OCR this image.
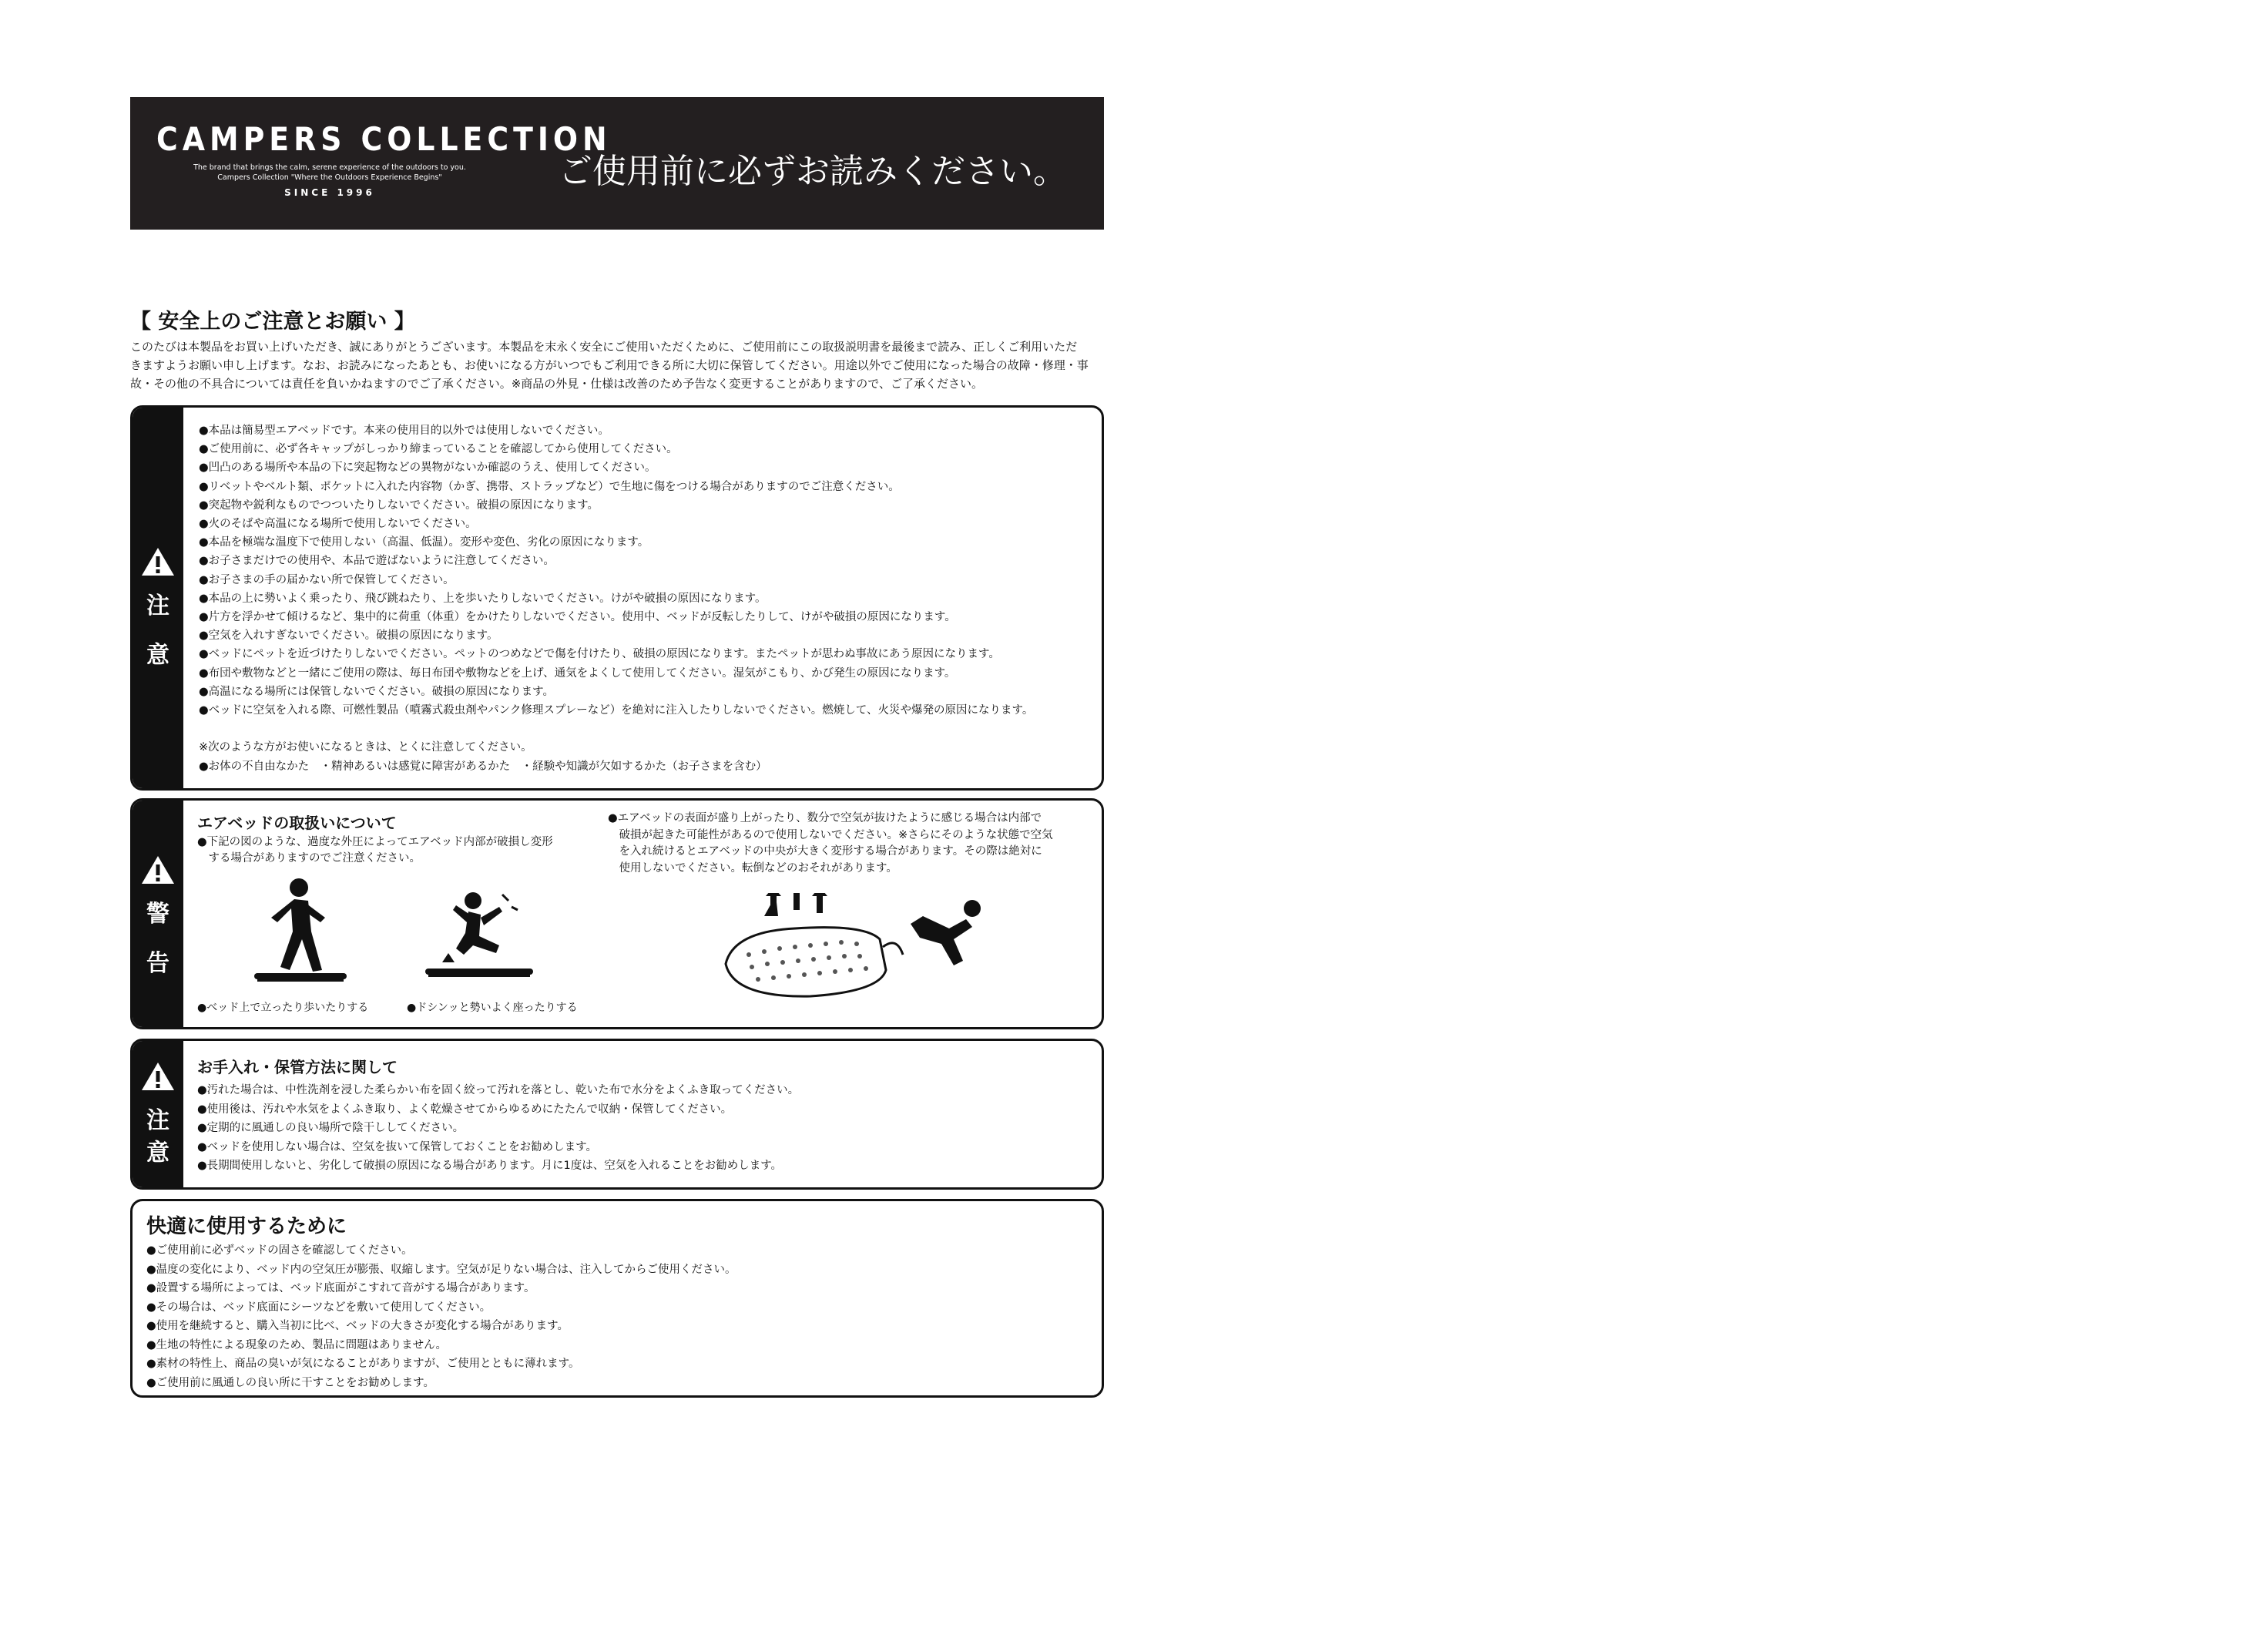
CAMPERS COLLECTION
The brand that brings the calm, serene experience of the outdoors to you.
Campers Collection "Where the Outdoors Experience Begins"
SINCE 1996
ご使用前に必ずお読みください。
【 安全上のご注意とお願い 】
このたびは本製品をお買い上げいただき、誠にありがとうございます。本製品を末永く安全にご使用いただくために、ご使用前にこの取扱説明書を最後まで読み、正しくご利用いただ
きますようお願い申し上げます。なお、お読みになったあとも、お使いになる方がいつでもご利用できる所に大切に保管してください。用途以外でご使用になった場合の故障・修理・事
故・その他の不具合については責任を負いかねますのでご了承ください。※商品の外見・仕様は改善のため予告なく変更することがありますので、ご了承ください。
注
意
●本品は簡易型エアベッドです。本来の使用目的以外では使用しないでください。
●ご使用前に、必ず各キャップがしっかり締まっていることを確認してから使用してください。
●凹凸のある場所や本品の下に突起物などの異物がないか確認のうえ、使用してください。
●リベットやベルト類、ポケットに入れた内容物（かぎ、携帯、ストラップなど）で生地に傷をつける場合がありますのでご注意ください。
●突起物や鋭利なものでつついたりしないでください。破損の原因になります。
●火のそばや高温になる場所で使用しないでください。
●本品を極端な温度下で使用しない（高温、低温）。変形や変色、劣化の原因になります。
●お子さまだけでの使用や、本品で遊ばないように注意してください。
●お子さまの手の届かない所で保管してください。
●本品の上に勢いよく乗ったり、飛び跳ねたり、上を歩いたりしないでください。けがや破損の原因になります。
●片方を浮かせて傾けるなど、集中的に荷重（体重）をかけたりしないでください。使用中、ベッドが反転したりして、けがや破損の原因になります。
●空気を入れすぎないでください。破損の原因になります。
●ベッドにペットを近づけたりしないでください。ペットのつめなどで傷を付けたり、破損の原因になります。またペットが思わぬ事故にあう原因になります。
●布団や敷物などと一緒にご使用の際は、毎日布団や敷物などを上げ、通気をよくして使用してください。湿気がこもり、かび発生の原因になります。
●高温になる場所には保管しないでください。破損の原因になります。
●ベッドに空気を入れる際、可燃性製品（噴霧式殺虫剤やパンク修理スプレーなど）を絶対に注入したりしないでください。燃焼して、火災や爆発の原因になります。

※次のような方がお使いになるときは、とくに注意してください。
●お体の不自由なかた　・精神あるいは感覚に障害があるかた　・経験や知識が欠如するかた（お子さまを含む）
警
告
エアベッドの取扱いについて
●下記の図のような、過度な外圧によってエアベッド内部が破損し変形
　する場合がありますのでご注意ください。
●エアベッドの表面が盛り上がったり、数分で空気が抜けたように感じる場合は内部で
　破損が起きた可能性があるので使用しないでください。※さらにそのような状態で空気
　を入れ続けるとエアベッドの中央が大きく変形する場合があります。その際は絶対に
　使用しないでください。転倒などのおそれがあります。
●ベッド上で立ったり歩いたりする	●ドシンッと勢いよく座ったりする
注
意
お手入れ・保管方法に関して
●汚れた場合は、中性洗剤を浸した柔らかい布を固く絞って汚れを落とし、乾いた布で水分をよくふき取ってください。
●使用後は、汚れや水気をよくふき取り、よく乾燥させてからゆるめにたたんで収納・保管してください。
●定期的に風通しの良い場所で陰干ししてください。
●ベッドを使用しない場合は、空気を抜いて保管しておくことをお勧めします。
●長期間使用しないと、劣化して破損の原因になる場合があります。月に1度は、空気を入れることをお勧めします。
快適に使用するために
●ご使用前に必ずベッドの固さを確認してください。
●温度の変化により、ベッド内の空気圧が膨張、収縮します。空気が足りない場合は、注入してからご使用ください。
●設置する場所によっては、ベッド底面がこすれて音がする場合があります。
●その場合は、ベッド底面にシーツなどを敷いて使用してください。
●使用を継続すると、購入当初に比べ、ベッドの大きさが変化する場合があります。
●生地の特性による現象のため、製品に問題はありません。
●素材の特性上、商品の臭いが気になることがありますが、ご使用とともに薄れます。
●ご使用前に風通しの良い所に干すことをお勧めします。
